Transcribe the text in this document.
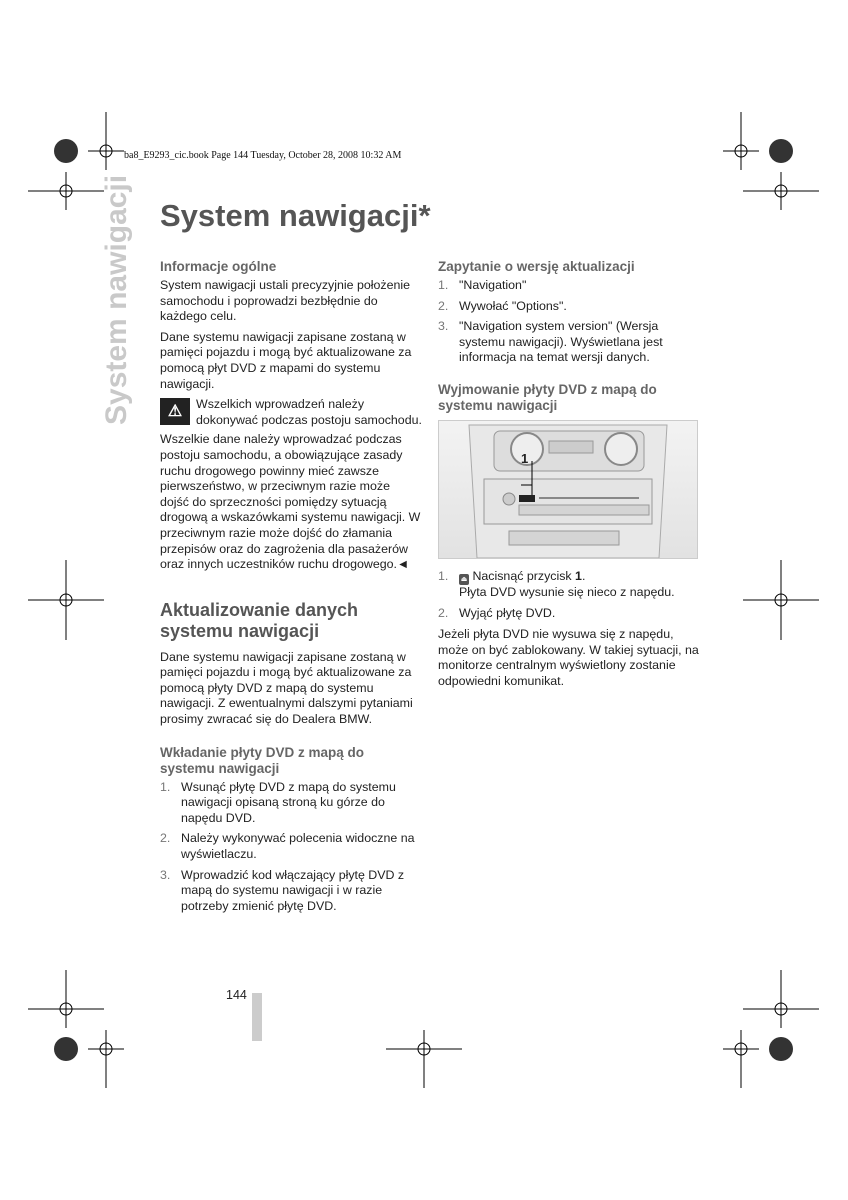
ba8_E9293_cic.book Page 144 Tuesday, October 28, 2008 10:32 AM
System nawigacji System nawigacji*
Informacje ogólne

System nawigacji ustali precyzyjnie położenie samochodu i poprowadzi bezbłędnie do każdego celu.

Dane systemu nawigacji zapisane zostaną w pamięci pojazdu i mogą być aktualizowane za pomocą płyt DVD z mapami do systemu nawigacji.

⚠	Wszelkich wprowadzeń należy dokonywać podczas postoju samochodu.

Wszelkie dane należy wprowadzać podczas postoju samochodu, a obowiązujące zasady ruchu drogowego powinny mieć zawsze pierwszeństwo, w przeciwnym razie może dojść do sprzeczności pomiędzy sytuacją drogową a wskazówkami systemu nawigacji. W przeciwnym razie może dojść do złamania przepisów oraz do zagrożenia dla pasażerów oraz innych uczestników ruchu drogowego.◄

Aktualizowanie danych systemu nawigacji

Dane systemu nawigacji zapisane zostaną w pamięci pojazdu i mogą być aktualizowane za pomocą płyty DVD z mapą do systemu nawigacji. Z ewentualnymi dalszymi pytaniami prosimy zwracać się do Dealera BMW.

Wkładanie płyty DVD z mapą do systemu nawigacji
1. Wsunąć płytę DVD z mapą do systemu nawigacji opisaną stroną ku górze do napędu DVD.
2. Należy wykonywać polecenia widoczne na wyświetlaczu.
3. Wprowadzić kod włączający płytę DVD z mapą do systemu nawigacji i w razie potrzeby zmienić płytę DVD.
Zapytanie o wersję aktualizacji
1. "Navigation"
2. Wywołać "Options".
3. "Navigation system version" (Wersja systemu nawigacji). Wyświetlana jest informacja na temat wersji danych.
Wyjmowanie płyty DVD z mapą do systemu nawigacji
1
1. ⏏ Nacisnąć przycisk 1.
Płyta DVD wysunie się nieco z napędu.
2. Wyjąć płytę DVD.

Jeżeli płyta DVD nie wysuwa się z napędu, może on być zablokowany. W takiej sytuacji, na monitorze centralnym wyświetlony zostanie odpowiedni komunikat.

144
